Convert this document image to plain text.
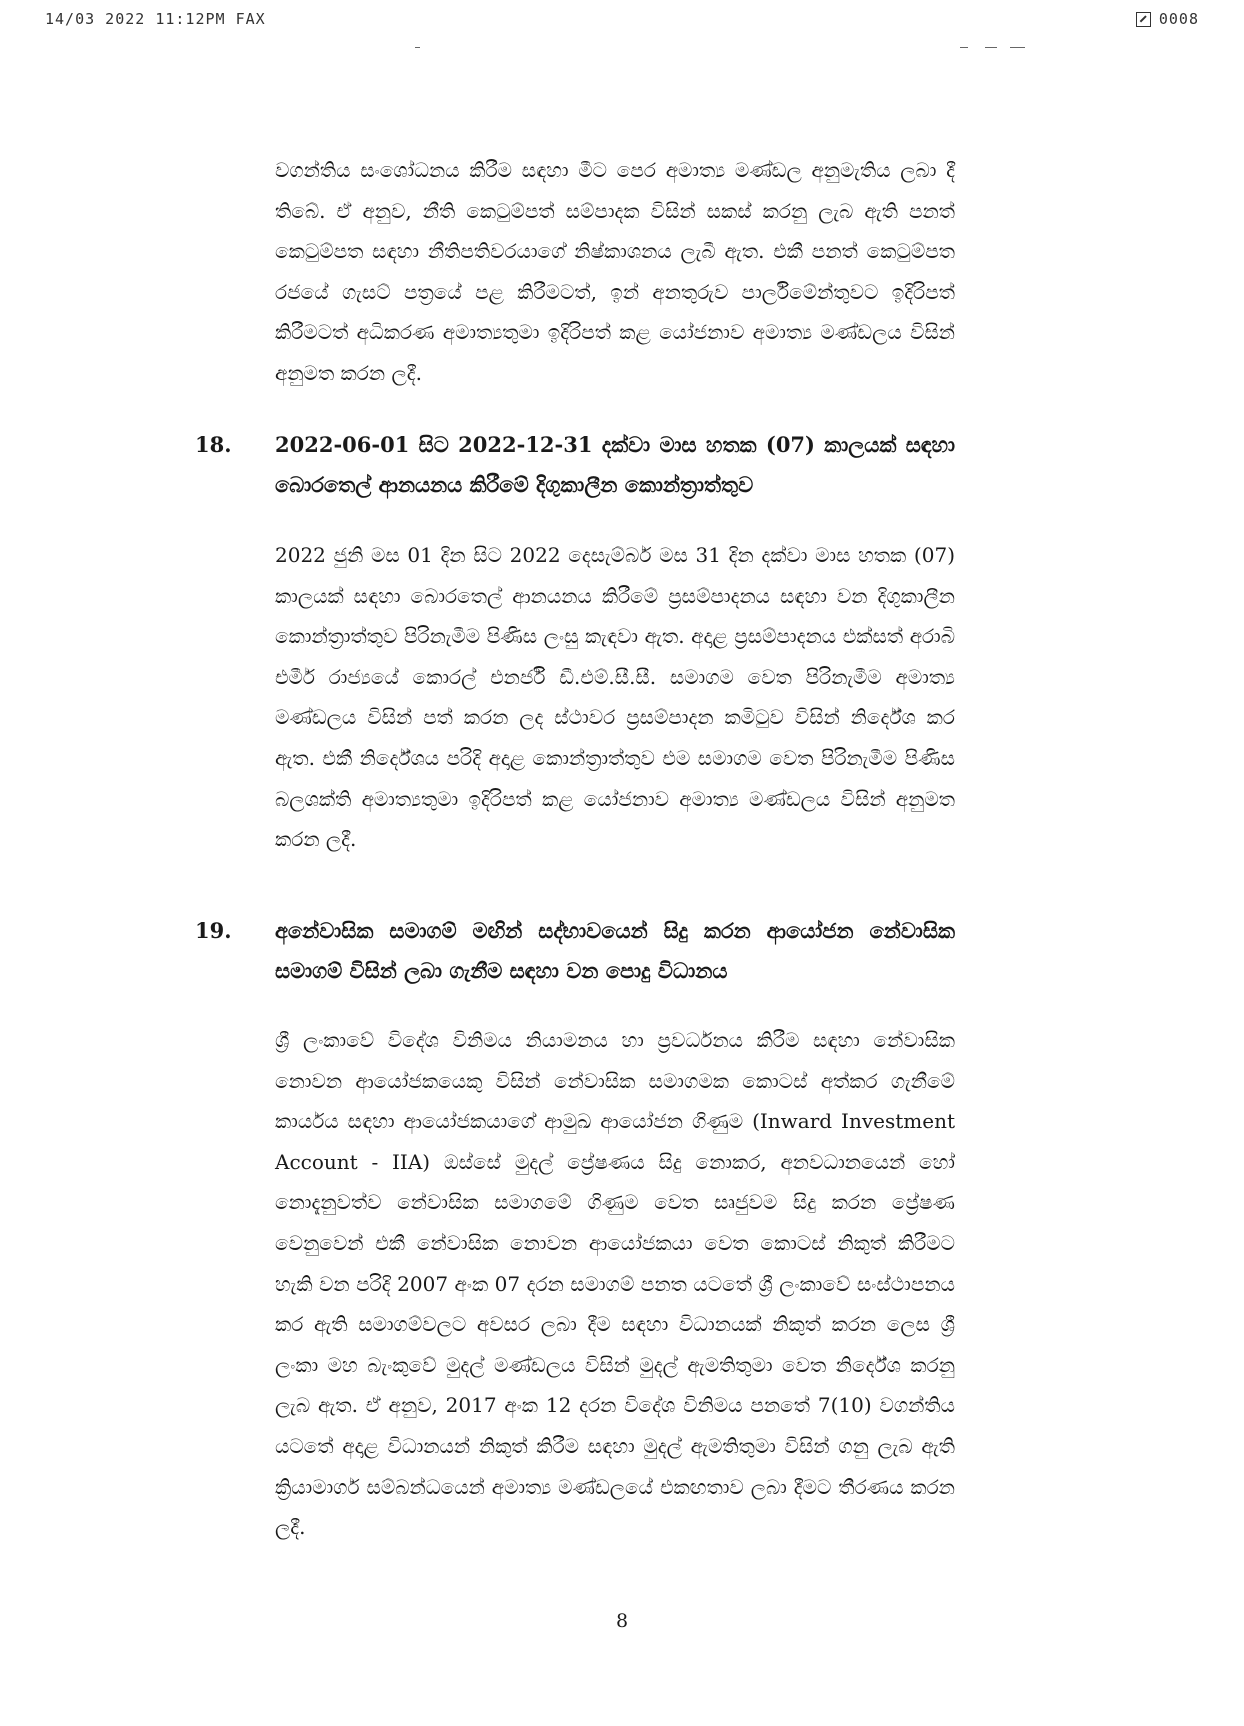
14/03 2022 11:12PM FAX	0008
වගන්තිය සංශෝධනය කිරීම සඳහා මීට පෙර අමාත්‍ය මණ්ඩල අනුමැතිය ලබා දී තිබේ. ඒ අනුව, නීති කෙටුම්පත් සම්පාදක විසින් සකස් කරනු ලැබ ඇති පනත් කෙටුම්පත සඳහා නීතිපතිවරයාගේ නිෂ්කාශනය ලැබී ඇත. එකී පනත් කෙටුම්පත රජයේ ගැසට් පත්‍රයේ පළ කිරීමටත්, ඉන් අනතුරුව පාර්ලිමේන්තුවට ඉදිරිපත් කිරීමටත් අධිකරණ අමාත්‍යතුමා ඉදිරිපත් කළ යෝජනාව අමාත්‍ය මණ්ඩලය විසින් අනුමත කරන ලදී.
18. 2022-06-01 සිට 2022-12-31 දක්වා මාස හතක (07) කාලයක් සඳහා බොරතෙල් ආනයනය කිරීමේ දිගුකාලීන කොන්ත්‍රාත්තුව
2022 ජුනි මස 01 දින සිට 2022 දෙසැම්බර් මස 31 දින දක්වා මාස හතක (07) කාලයක් සඳහා බොරතෙල් ආනයනය කිරීමේ ප්‍රසම්පාදනය සඳහා වන දිගුකාලීන කොන්ත්‍රාත්තුව පිරිනැමීම පිණිස ලංසු කැඳවා ඇත. අදාළ ප්‍රසම්පාදනය එක්සත් අරාබි එමීර් රාජ්‍යයේ කොරල් එනර්ජි ඩී.එම්.සී.සී. සමාගම වෙත පිරිනැමීම අමාත්‍ය මණ්ඩලය විසින් පත් කරන ලද ස්ථාවර ප්‍රසම්පාදන කමිටුව විසින් නිර්දේශ කර ඇත. එකී නිර්දේශය පරිදි අදාළ කොන්ත්‍රාත්තුව එම සමාගම වෙත පිරිනැමීම පිණිස බලශක්ති අමාත්‍යතුමා ඉදිරිපත් කළ යෝජනාව අමාත්‍ය මණ්ඩලය විසින් අනුමත කරන ලදී.
19. අනේවාසික සමාගම් මඟින් සද්භාවයෙන් සිදු කරන ආයෝජන නේවාසික සමාගම් විසින් ලබා ගැනීම සඳහා වන පොදු විධානය
ශ්‍රී ලංකාවේ විදේශ විනිමය නියාමනය හා ප්‍රවර්ධනය කිරීම සඳහා නේවාසික නොවන ආයෝජකයෙකු විසින් නේවාසික සමාගමක කොටස් අත්කර ගැනීමේ කාර්යය සඳහා ආයෝජකයාගේ ආමුඛ ආයෝජන ගිණුම (Inward Investment Account - IIA) ඔස්සේ මුදල් ප්‍රේෂණය සිදු නොකර, අනවධානයෙන් හෝ නොදැනුවත්ව නේවාසික සමාගමේ ගිණුම වෙත සෘජුවම සිදු කරන ප්‍රේෂණ වෙනුවෙන් එකී නේවාසික නොවන ආයෝජකයා වෙත කොටස් නිකුත් කිරීමට හැකි වන පරිදි 2007 අංක 07 දරන සමාගම් පනත යටතේ ශ්‍රී ලංකාවේ සංස්ථාපනය කර ඇති සමාගම්වලට අවසර ලබා දීම සඳහා විධානයක් නිකුත් කරන ලෙස ශ්‍රී ලංකා මහ බැංකුවේ මුදල් මණ්ඩලය විසින් මුදල් ඇමතිතුමා වෙත නිර්දේශ කරනු ලැබ ඇත. ඒ අනුව, 2017 අංක 12 දරන විදේශ විනිමය පනතේ 7(10) වගන්තිය යටතේ අදාළ විධානයන් නිකුත් කිරීම සඳහා මුදල් ඇමතිතුමා විසින් ගනු ලැබ ඇති ක්‍රියාමාර්ග සම්බන්ධයෙන් අමාත්‍ය මණ්ඩලයේ එකඟතාව ලබා දීමට තීරණය කරන ලදී.
8
